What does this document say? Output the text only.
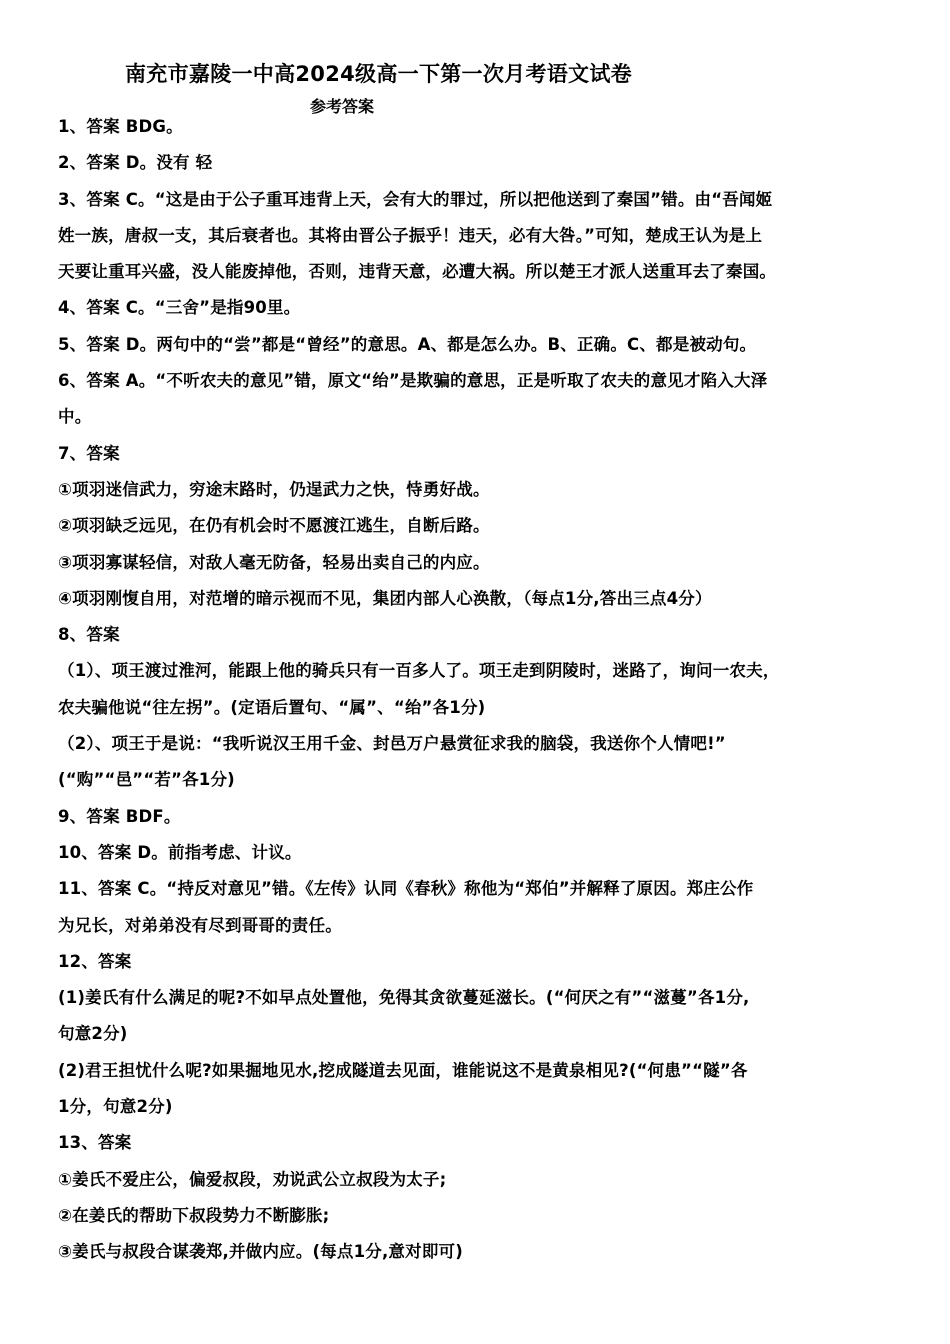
南充市嘉陵一中高2024级高一下第一次月考语文试卷
参考答案
1、答案 BDG。
2、答案 D。没有 轻
3、答案 C。“这是由于公子重耳违背上天，会有大的罪过，所以把他送到了秦国”错。由“吾闻姬
姓一族，唐叔一支，其后衰者也。其将由晋公子振乎！违天，必有大咎。”可知，楚成王认为是上
天要让重耳兴盛，没人能废掉他，否则，违背天意，必遭大祸。所以楚王才派人送重耳去了秦国。
4、答案 C。“三舍”是指90里。
5、答案 D。两句中的“尝”都是“曾经”的意思。A、都是怎么办。B、正确。C、都是被动句。
6、答案 A。“不听农夫的意见”错，原文“绐”是欺骗的意思，正是听取了农夫的意见才陷入大泽
中。
7、答案
①项羽迷信武力，穷途末路时，仍逞武力之快，恃勇好战。
②项羽缺乏远见，在仍有机会时不愿渡江逃生，自断后路。
③项羽寡谋轻信，对敌人毫无防备，轻易出卖自己的内应。
④项羽刚愎自用，对范增的暗示视而不见，集团内部人心涣散，（每点1分,答出三点4分）
8、答案
（1）、项王渡过淮河，能跟上他的骑兵只有一百多人了。项王走到阴陵时，迷路了，询问一农夫，
农夫骗他说“往左拐”。(定语后置句、“属”、“绐”各1分)
（2）、项王于是说：“我听说汉王用千金、封邑万户悬赏征求我的脑袋，我送你个人情吧!”
(“购”“邑”“若”各1分)
9、答案 BDF。
10、答案 D。前指考虑、计议。
11、答案 C。“持反对意见”错。《左传》认同《春秋》称他为“郑伯”并解释了原因。郑庄公作
为兄长，对弟弟没有尽到哥哥的责任。
12、答案
(1)姜氏有什么满足的呢?不如早点处置他，免得其贪欲蔓延滋长。(“何厌之有”“滋蔓”各1分,
句意2分)
(2)君王担忧什么呢?如果掘地见水,挖成隧道去见面，谁能说这不是黄泉相见?(“何患”“隧”各
1分，句意2分)
13、答案
①姜氏不爱庄公，偏爱叔段，劝说武公立叔段为太子;
②在姜氏的帮助下叔段势力不断膨胀;
③姜氏与叔段合谋袭郑,并做内应。(每点1分,意对即可)
